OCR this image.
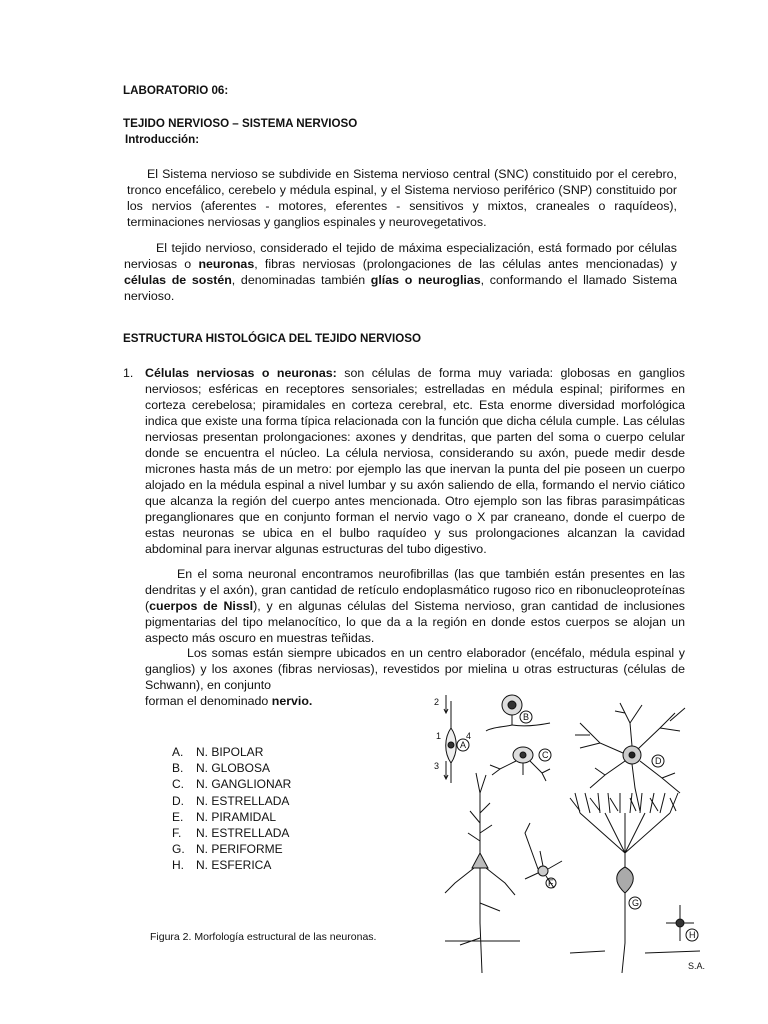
LABORATORIO 06:
TEJIDO NERVIOSO – SISTEMA NERVIOSO
Introducción:
El Sistema nervioso se subdivide en Sistema nervioso central (SNC) constituido por el cerebro, tronco encefálico, cerebelo y médula espinal, y el Sistema nervioso periférico (SNP) constituido por los nervios (aferentes - motores, eferentes - sensitivos y mixtos, craneales o raquídeos), terminaciones nerviosas y ganglios espinales y neurovegetativos.
El tejido nervioso, considerado el tejido de máxima especialización, está formado por células nerviosas o neuronas, fibras nerviosas (prolongaciones de las células antes mencionadas) y células de sostén, denominadas también glías o neuroglias, conformando el llamado Sistema nervioso.
ESTRUCTURA HISTOLÓGICA DEL TEJIDO NERVIOSO
1. Células nerviosas o neuronas: son células de forma muy variada: globosas en ganglios nerviosos; esféricas en receptores sensoriales; estrelladas en médula espinal; piriformes en corteza cerebelosa; piramidales en corteza cerebral, etc. Esta enorme diversidad morfológica indica que existe una forma típica relacionada con la función que dicha célula cumple. Las células nerviosas presentan prolongaciones: axones y dendritas, que parten del soma o cuerpo celular donde se encuentra el núcleo. La célula nerviosa, considerando su axón, puede medir desde micrones hasta más de un metro: por ejemplo las que inervan la punta del pie poseen un cuerpo alojado en la médula espinal a nivel lumbar y su axón saliendo de ella, formando el nervio ciático que alcanza la región del cuerpo antes mencionada. Otro ejemplo son las fibras parasimpáticas preganglionares que en conjunto forman el nervio vago o X par craneano, donde el cuerpo de estas neuronas se ubica en el bulbo raquídeo y sus prolongaciones alcanzan la cavidad abdominal para inervar algunas estructuras del tubo digestivo.
En el soma neuronal encontramos neurofibrillas (las que también están presentes en las dendritas y el axón), gran cantidad de retículo endoplasmático rugoso rico en ribonucleoproteínas (cuerpos de Nissl), y en algunas células del Sistema nervioso, gran cantidad de inclusiones pigmentarias del tipo melanocítico, lo que da a la región en donde estos cuerpos se alojan un aspecto más oscuro en muestras teñidas.
Los somas están siempre ubicados en un centro elaborador (encéfalo, médula espinal y ganglios) y los axones (fibras nerviosas), revestidos por mielina u otras estructuras (células de Schwann), en conjunto
forman el denominado nervio.
A.	N. BIPOLAR
B.	N. GLOBOSA
C.	N. GANGLIONAR
D.	N. ESTRELLADA
E.	N. PIRAMIDAL
F.	N. ESTRELLADA
G. N. PERIFORME
H.	N. ESFERICA
Figura 2. Morfología estructural de las neuronas.
A
B
C
D
F
G
H
2
1
3
4
S.A.
